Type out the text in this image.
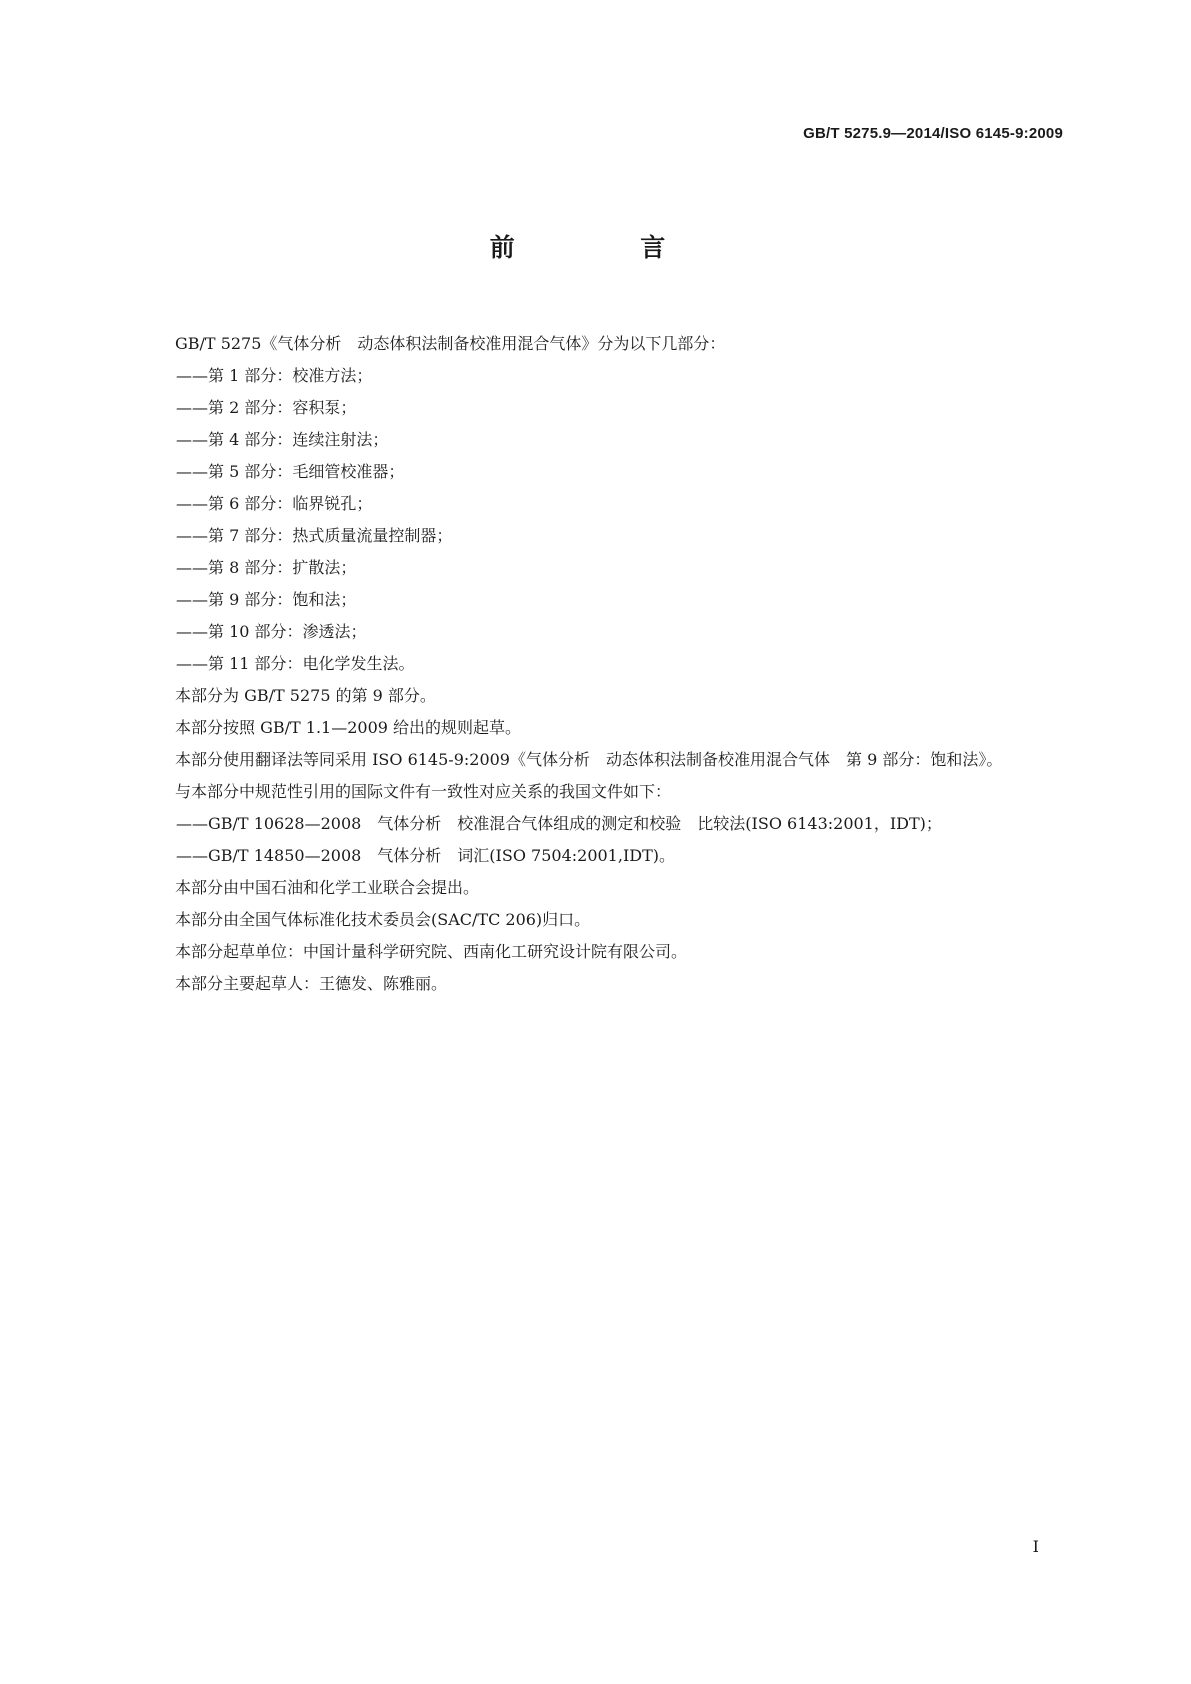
GB/T 5275.9—2014/ISO 6145-9:2009
前  言

GB/T 5275《气体分析　动态体积法制备校准用混合气体》分为以下几部分：

——第 1 部分：校准方法；

——第 2 部分：容积泵；

——第 4 部分：连续注射法；

——第 5 部分：毛细管校准器；

——第 6 部分：临界锐孔；

——第 7 部分：热式质量流量控制器；

——第 8 部分：扩散法；

——第 9 部分：饱和法；

——第 10 部分：渗透法；

——第 11 部分：电化学发生法。

本部分为 GB/T 5275 的第 9 部分。

本部分按照 GB/T 1.1—2009 给出的规则起草。

本部分使用翻译法等同采用 ISO 6145-9:2009《气体分析　动态体积法制备校准用混合气体　第 9 部分：饱和法》。

与本部分中规范性引用的国际文件有一致性对应关系的我国文件如下：

——GB/T 10628—2008　气体分析　校准混合气体组成的测定和校验　比较法(ISO 6143:2001，IDT)；

——GB/T 14850—2008　气体分析　词汇(ISO 7504:2001,IDT)。

本部分由中国石油和化学工业联合会提出。

本部分由全国气体标准化技术委员会(SAC/TC 206)归口。

本部分起草单位：中国计量科学研究院、西南化工研究设计院有限公司。

本部分主要起草人：王德发、陈雅丽。

I
